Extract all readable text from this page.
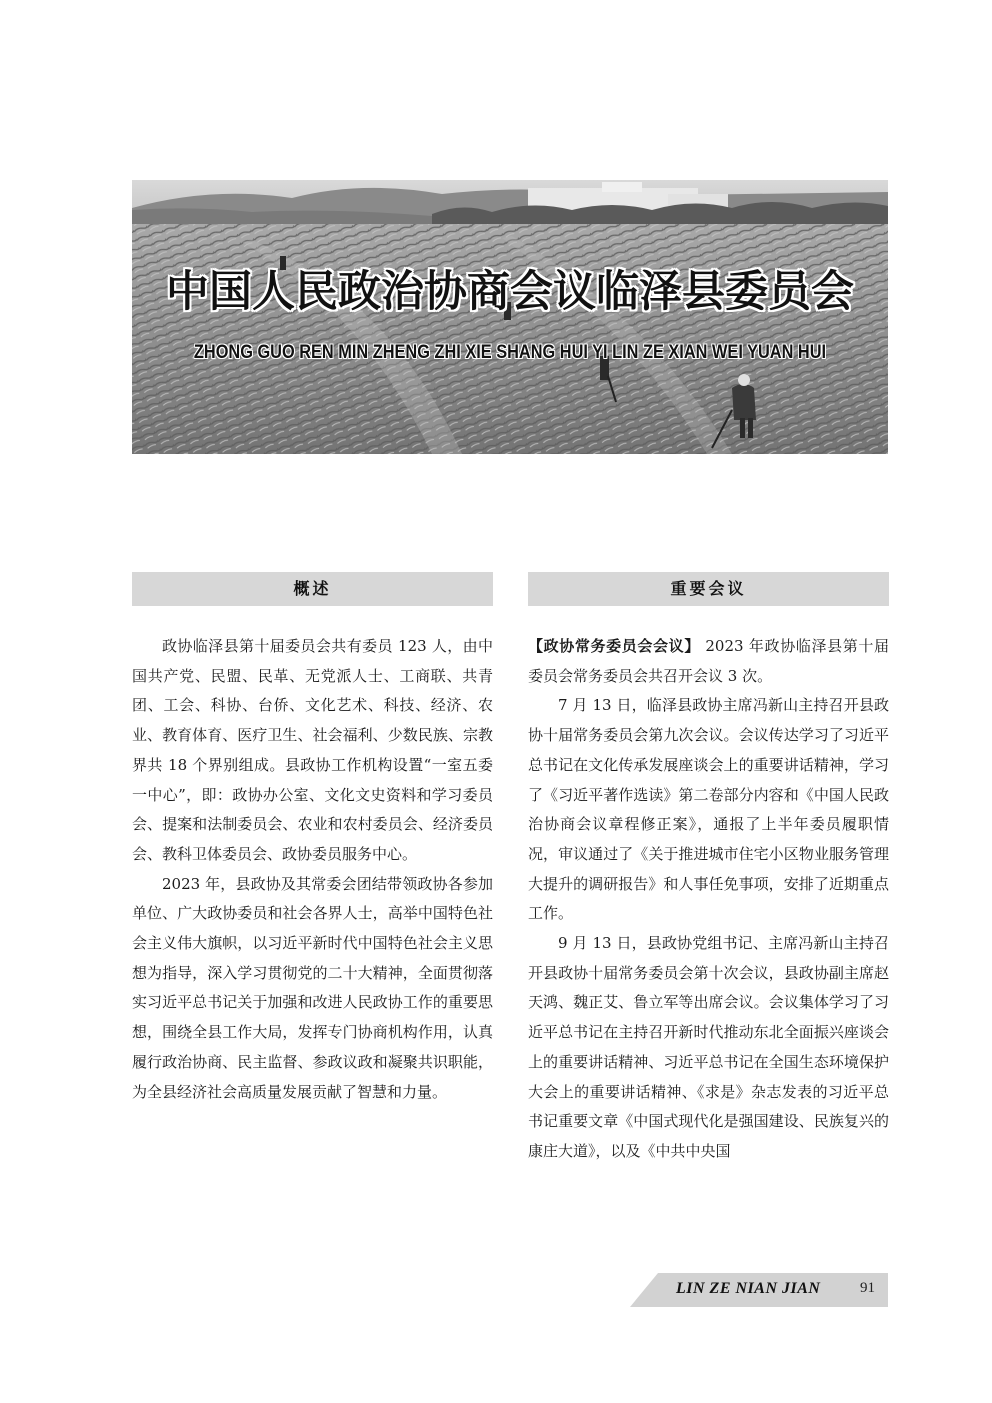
中国人民政治协商会议临泽县委员会
ZHONG GUO REN MIN ZHENG ZHI XIE SHANG HUI YI LIN ZE XIAN WEI YUAN HUI
概述

政协临泽县第十届委员会共有委员 123 人，由中国共产党、民盟、民革、无党派人士、工商联、共青团、工会、科协、台侨、文化艺术、科技、经济、农业、教育体育、医疗卫生、社会福利、少数民族、宗教界共 18 个界别组成。县政协工作机构设置“一室五委一中心”，即：政协办公室、文化文史资料和学习委员会、提案和法制委员会、农业和农村委员会、经济委员会、教科卫体委员会、政协委员服务中心。

2023 年，县政协及其常委会团结带领政协各参加单位、广大政协委员和社会各界人士，高举中国特色社会主义伟大旗帜，以习近平新时代中国特色社会主义思想为指导，深入学习贯彻党的二十大精神，全面贯彻落实习近平总书记关于加强和改进人民政协工作的重要思想，围绕全县工作大局，发挥专门协商机构作用，认真履行政治协商、民主监督、参政议政和凝聚共识职能，为全县经济社会高质量发展贡献了智慧和力量。

重要会议

【政协常务委员会会议】 2023 年政协临泽县第十届委员会常务委员会共召开会议 3 次。

7 月 13 日，临泽县政协主席冯新山主持召开县政协十届常务委员会第九次会议。会议传达学习了习近平总书记在文化传承发展座谈会上的重要讲话精神，学习了《习近平著作选读》第二卷部分内容和《中国人民政治协商会议章程修正案》，通报了上半年委员履职情况，审议通过了《关于推进城市住宅小区物业服务管理大提升的调研报告》和人事任免事项，安排了近期重点工作。

9 月 13 日，县政协党组书记、主席冯新山主持召开县政协十届常务委员会第十次会议，县政协副主席赵天鸿、魏正艾、鲁立军等出席会议。会议集体学习了习近平总书记在主持召开新时代推动东北全面振兴座谈会上的重要讲话精神、习近平总书记在全国生态环境保护大会上的重要讲话精神、《求是》杂志发表的习近平总书记重要文章《中国式现代化是强国建设、民族复兴的康庄大道》，以及《中共中央国

LIN ZE NIAN JIAN	91
